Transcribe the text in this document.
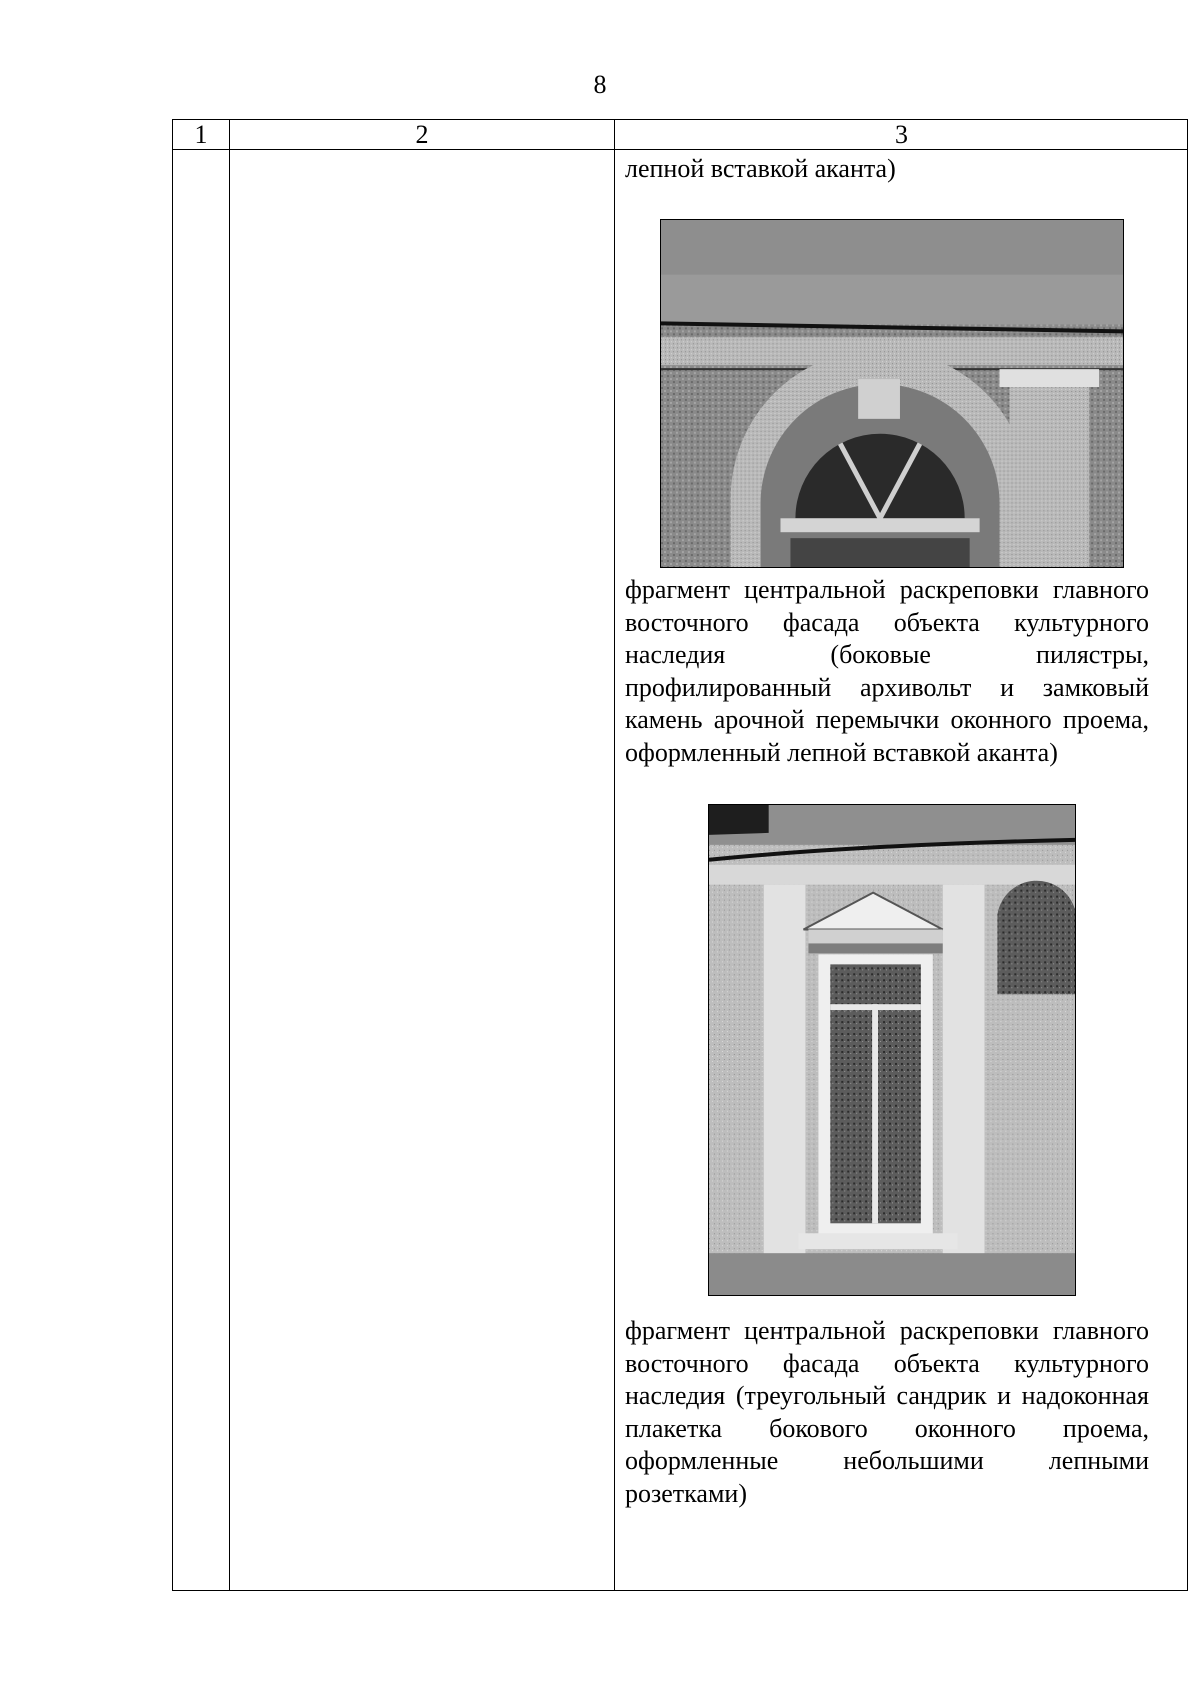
8
1	2	3
лепной вставкой аканта)
фрагмент центральной раскреповки главного восточного фасада объекта культурного наследия (боковые пилястры, профилированный архивольт и замковый камень арочной перемычки оконного проема, оформленный лепной вставкой аканта)
фрагмент центральной раскреповки главного восточного фасада объекта культурного наследия (треугольный сандрик и надоконная плакетка бокового оконного проема, оформленные небольшими лепными розетками)
